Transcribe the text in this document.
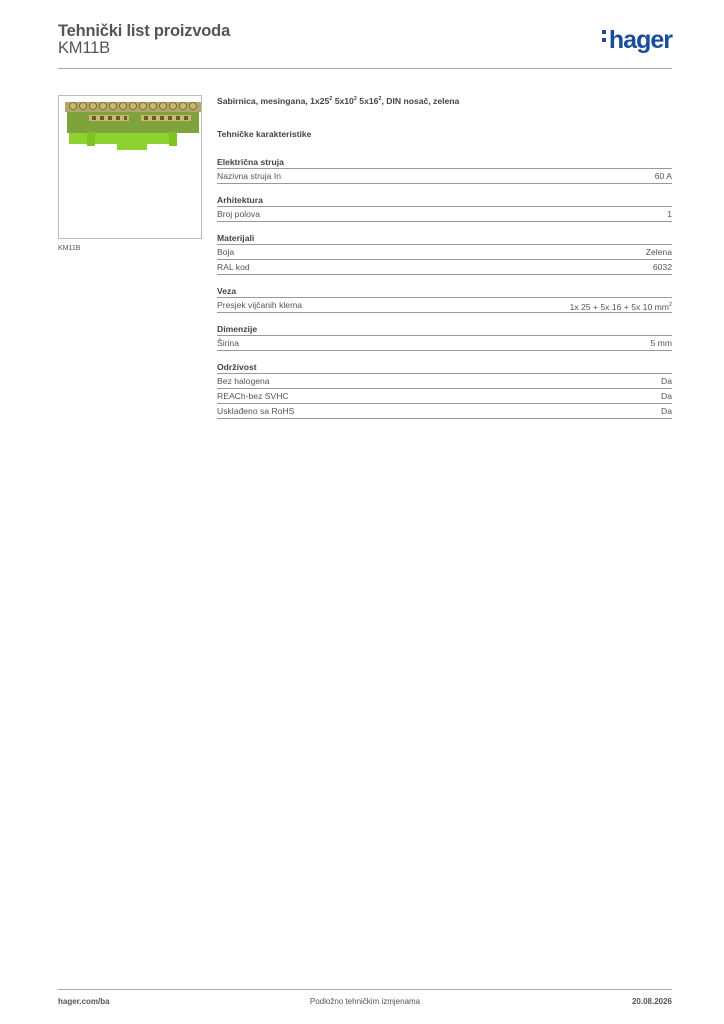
Tehnički list proizvoda
KM11B	hager
KM11B
Sabirnica, mesingana, $1x25^2$ $5x10^2$ $5x16^2$, DIN nosač, zelena
Tehničke karakteristike
Električna struja
Nazivna struja In	60 A
Arhitektura
Broj polova	1
Materijali
Boja	Zelena
RAL kod	6032
Veza
Presjek vijčanih klema	1x 25 + 5x 16 + 5x 10 $mm^2$
Dimenzije
Širina	5 mm
Održivost
Bez halogena	Da
REACh-bez SVHC	Da
Usklađeno sa RoHS	Da
hager.com/ba	Podložno tehničkim izmjenama	20.08.2026
